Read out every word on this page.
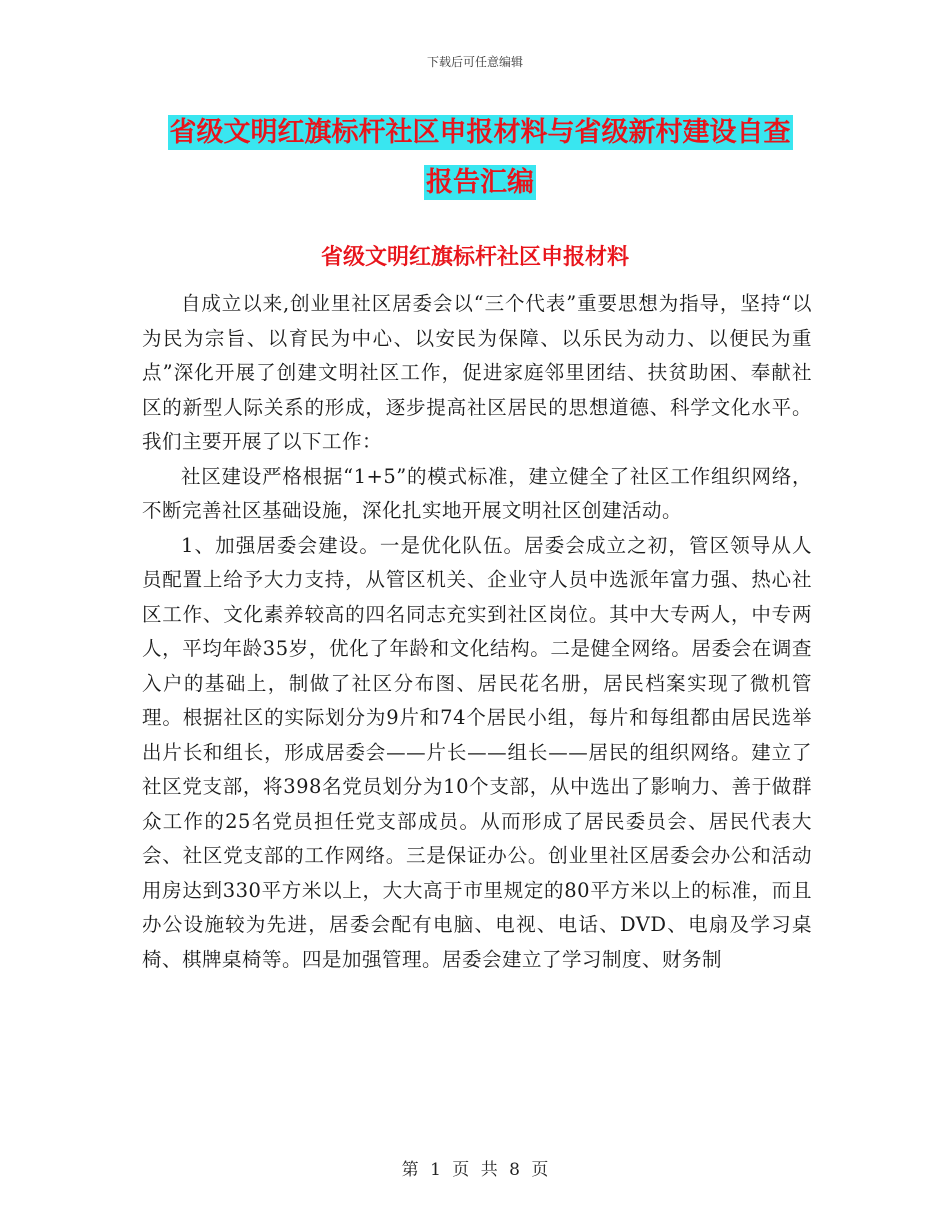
下载后可任意编辑
省级文明红旗标杆社区申报材料与省级新村建设自查
报告汇编
省级文明红旗标杆社区申报材料

自成立以来,创业里社区居委会以“三个代表”重要思想为指导，坚持“以为民为宗旨、以育民为中心、以安民为保障、以乐民为动力、以便民为重点”深化开展了创建文明社区工作，促进家庭邻里团结、扶贫助困、奉献社区的新型人际关系的形成，逐步提高社区居民的思想道德、科学文化水平。我们主要开展了以下工作：

社区建设严格根据“1+5”的模式标准，建立健全了社区工作组织网络，不断完善社区基础设施，深化扎实地开展文明社区创建活动。

1、加强居委会建设。一是优化队伍。居委会成立之初，管区领导从人员配置上给予大力支持，从管区机关、企业守人员中选派年富力强、热心社区工作、文化素养较高的四名同志充实到社区岗位。其中大专两人，中专两人，平均年龄35岁，优化了年龄和文化结构。二是健全网络。居委会在调查入户的基础上，制做了社区分布图、居民花名册，居民档案实现了微机管理。根据社区的实际划分为9片和74个居民小组，每片和每组都由居民选举出片长和组长，形成居委会——片长——组长——居民的组织网络。建立了社区党支部，将398名党员划分为10个支部，从中选出了影响力、善于做群众工作的25名党员担任党支部成员。从而形成了居民委员会、居民代表大会、社区党支部的工作网络。三是保证办公。创业里社区居委会办公和活动用房达到330平方米以上，大大高于市里规定的80平方米以上的标准，而且办公设施较为先进，居委会配有电脑、电视、电话、DVD、电扇及学习桌椅、棋牌桌椅等。四是加强管理。居委会建立了学习制度、财务制

第 1 页 共 8 页
